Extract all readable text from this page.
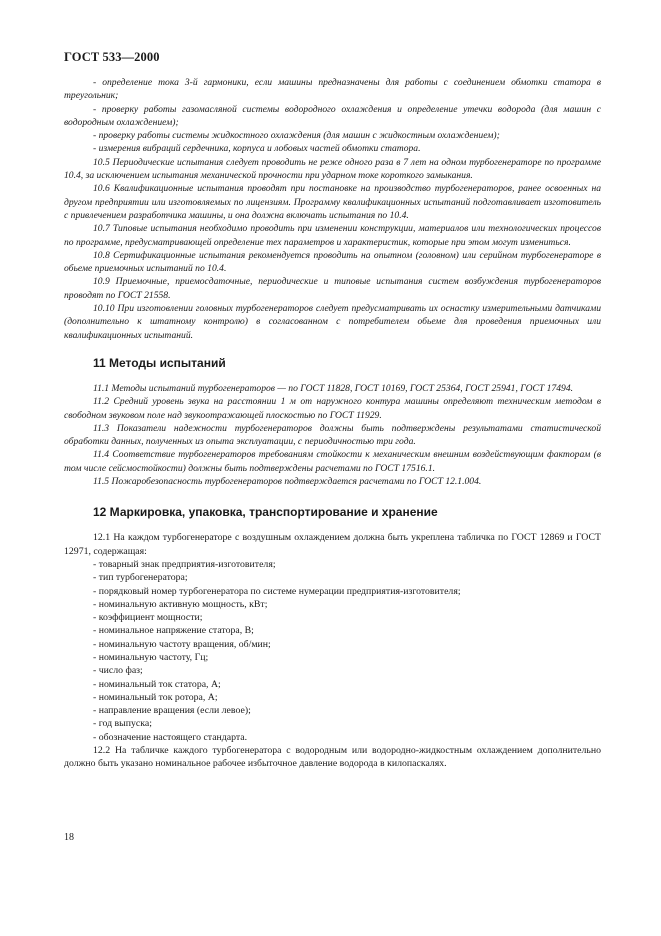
ГОСТ 533—2000

- определение тока 3-й гармоники, если машины предназначены для работы с соединением обмотки статора в треугольник;

- проверку работы газомасляной системы водородного охлаждения и определение утечки водорода (для машин с водородным охлаждением);

- проверку работы системы жидкостного охлаждения (для машин с жидкостным охлаждением);

- измерения вибраций сердечника, корпуса и лобовых частей обмотки статора.

10.5 Периодические испытания следует проводить не реже одного раза в 7 лет на одном турбогенераторе по программе 10.4, за исключением испытания механической прочности при ударном токе короткого замыкания.

10.6 Квалификационные испытания проводят при постановке на производство турбогенераторов, ранее освоенных на другом предприятии или изготовляемых по лицензиям. Программу квалификационных испытаний подготавливает изготовитель с привлечением разработчика машины, и она должна включать испытания по 10.4.

10.7 Типовые испытания необходимо проводить при изменении конструкции, материалов или технологических процессов по программе, предусматривающей определение тех параметров и характеристик, которые при этом могут измениться.

10.8 Сертификационные испытания рекомендуется проводить на опытном (головном) или серийном турбогенераторе в обьеме приемочных испытаний по 10.4.

10.9 Приемочные, приемосдаточные, периодические и типовые испытания систем возбуждения турбогенераторов проводят по ГОСТ 21558.

10.10 При изготовлении головных турбогенераторов следует предусматривать их оснастку измерительными датчиками (дополнительно к штатному контролю) в согласованном с потребителем обьеме для проведения приемочных или квалификационных испытаний.

11 Методы испытаний

11.1 Методы испытаний турбогенераторов — по ГОСТ 11828, ГОСТ 10169, ГОСТ 25364, ГОСТ 25941, ГОСТ 17494.

11.2 Средний уровень звука на расстоянии 1 м от наружного контура машины определяют техническим методом в свободном звуковом поле над звукоотражающей плоскостью по ГОСТ 11929.

11.3 Показатели надежности турбогенераторов должны быть подтверждены результатами статистической обработки данных, полученных из опыта эксплуатации, с периодичностью три года.

11.4 Соответствие турбогенераторов требованиям стойкости к механическим внешним воздействующим факторам (в том числе сейсмостойкости) должны быть подтверждены расчетами по ГОСТ 17516.1.

11.5 Пожаробезопасность турбогенераторов подтверждается расчетами по ГОСТ 12.1.004.

12 Маркировка, упаковка, транспортирование и хранение

12.1 На каждом турбогенераторе с воздушным охлаждением должна быть укреплена табличка по ГОСТ 12869 и ГОСТ 12971, содержащая:

- товарный знак предприятия-изготовителя;

- тип турбогенератора;

- порядковый номер турбогенератора по системе нумерации предприятия-изготовителя;

- номинальную активную мощность, кВт;

- коэффициент мощности;

- номинальное напряжение статора, В;

- номинальную частоту вращения, об/мин;

- номинальную частоту, Гц;

- число фаз;

- номинальный ток статора, А;

- номинальный ток ротора, А;

- направление вращения (если левое);

- год выпуска;

- обозначение настоящего стандарта.

12.2 На табличке каждого турбогенератора с водородным или водородно-жидкостным охлаждением дополнительно должно быть указано номинальное рабочее избыточное давление водорода в килопаскалях.

18
